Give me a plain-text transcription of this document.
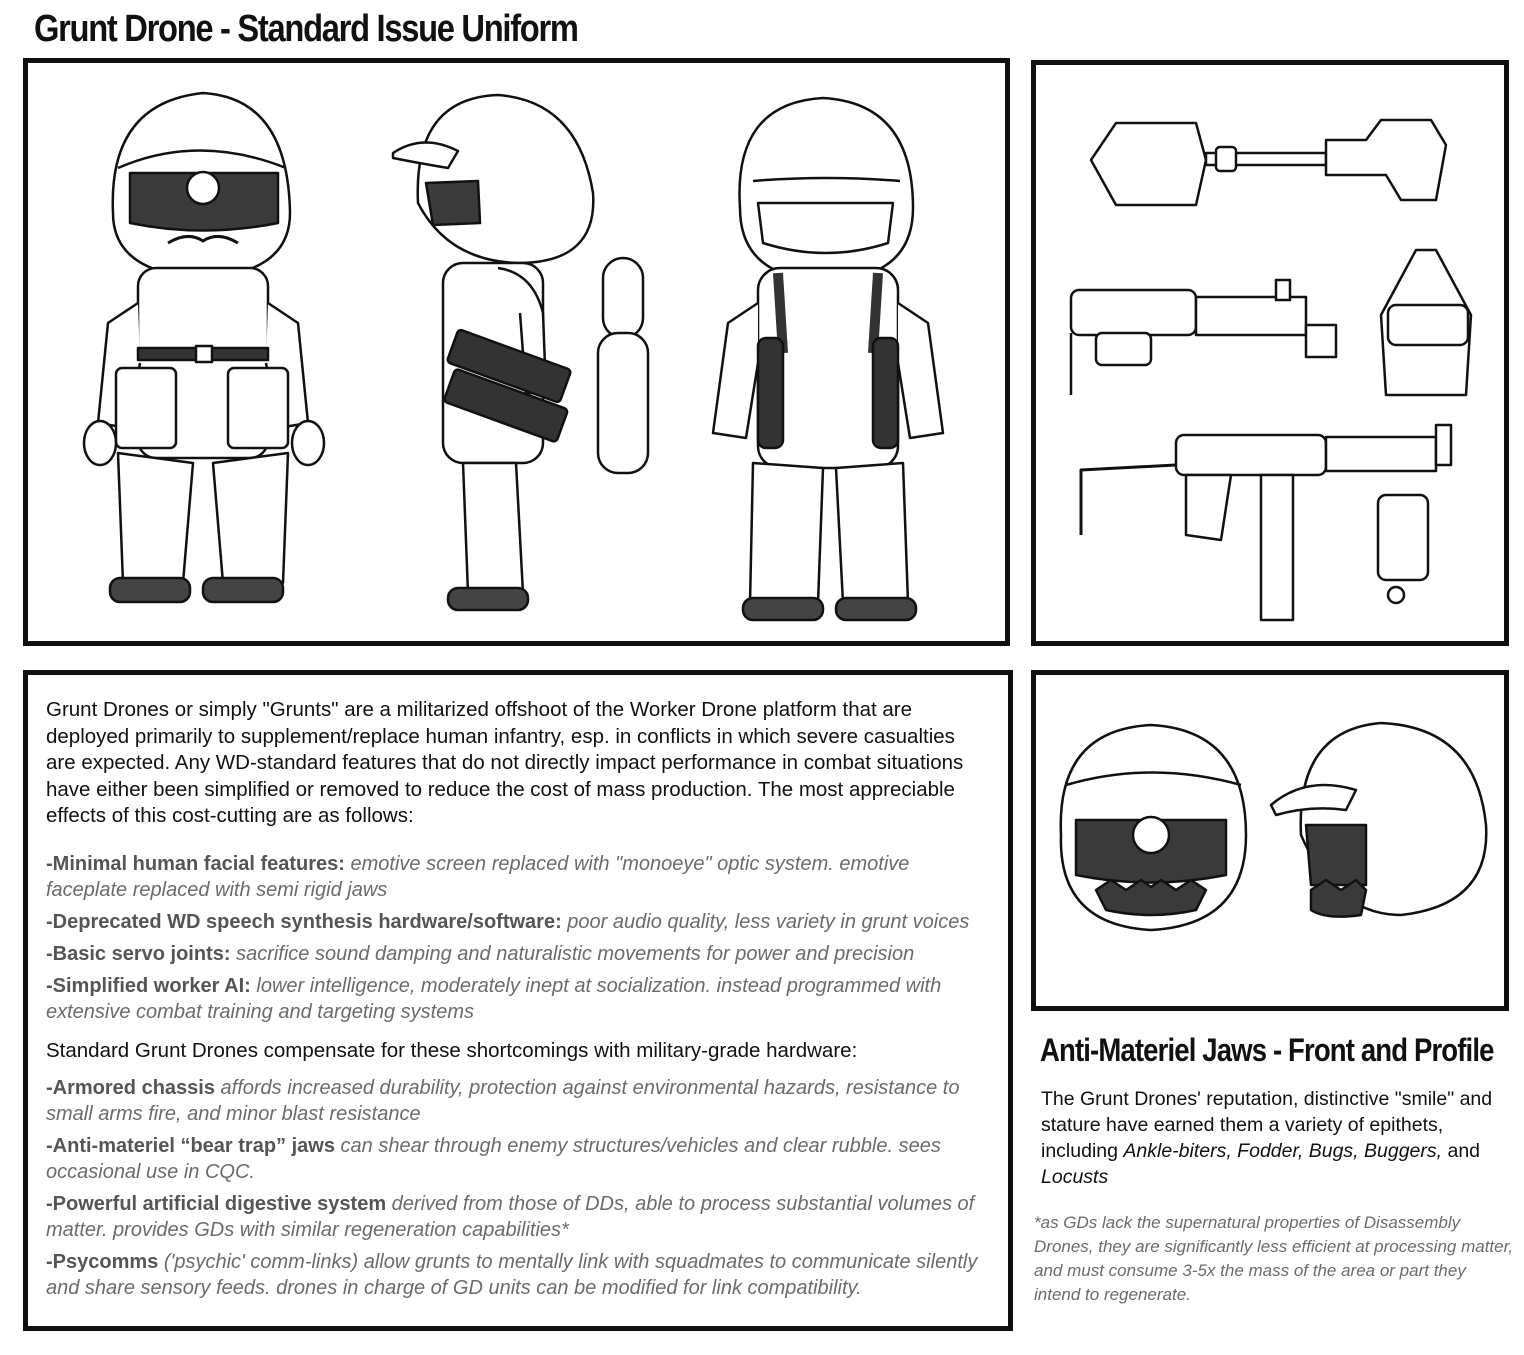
Grunt Drone - Standard Issue Uniform
Grunt Drones or simply "Grunts" are a militarized offshoot of the Worker Drone platform that are deployed primarily to supplement/replace human infantry, esp. in conflicts in which severe casualties are expected. Any WD-standard features that do not directly impact performance in combat situations have either been simplified or removed to reduce the cost of mass production. The most appreciable effects of this cost-cutting are as follows:

-Minimal human facial features: emotive screen replaced with "monoeye" optic system. emotive faceplate replaced with semi rigid jaws

-Deprecated WD speech synthesis hardware/software: poor audio quality, less variety in grunt voices

-Basic servo joints: sacrifice sound damping and naturalistic movements for power and precision

-Simplified worker AI: lower intelligence, moderately inept at socialization. instead programmed with extensive combat training and targeting systems

Standard Grunt Drones compensate for these shortcomings with military-grade hardware:

-Armored chassis affords increased durability, protection against environmental hazards, resistance to small arms fire, and minor blast resistance

-Anti-materiel “bear trap” jaws can shear through enemy structures/vehicles and clear rubble. sees occasional use in CQC.

-Powerful artificial digestive system derived from those of DDs, able to process substantial volumes of matter. provides GDs with similar regeneration capabilities*

-Psycomms ('psychic' comm-links) allow grunts to mentally link with squadmates to communicate silently and share sensory feeds. drones in charge of GD units can be modified for link compatibility.

Anti-Materiel Jaws - Front and Profile
The Grunt Drones' reputation, distinctive "smile" and stature have earned them a variety of epithets, including Ankle-biters, Fodder, Bugs, Buggers, and Locusts
*as GDs lack the supernatural properties of Disassembly Drones, they are significantly less efficient at processing matter, and must consume 3-5x the mass of the area or part they intend to regenerate.
